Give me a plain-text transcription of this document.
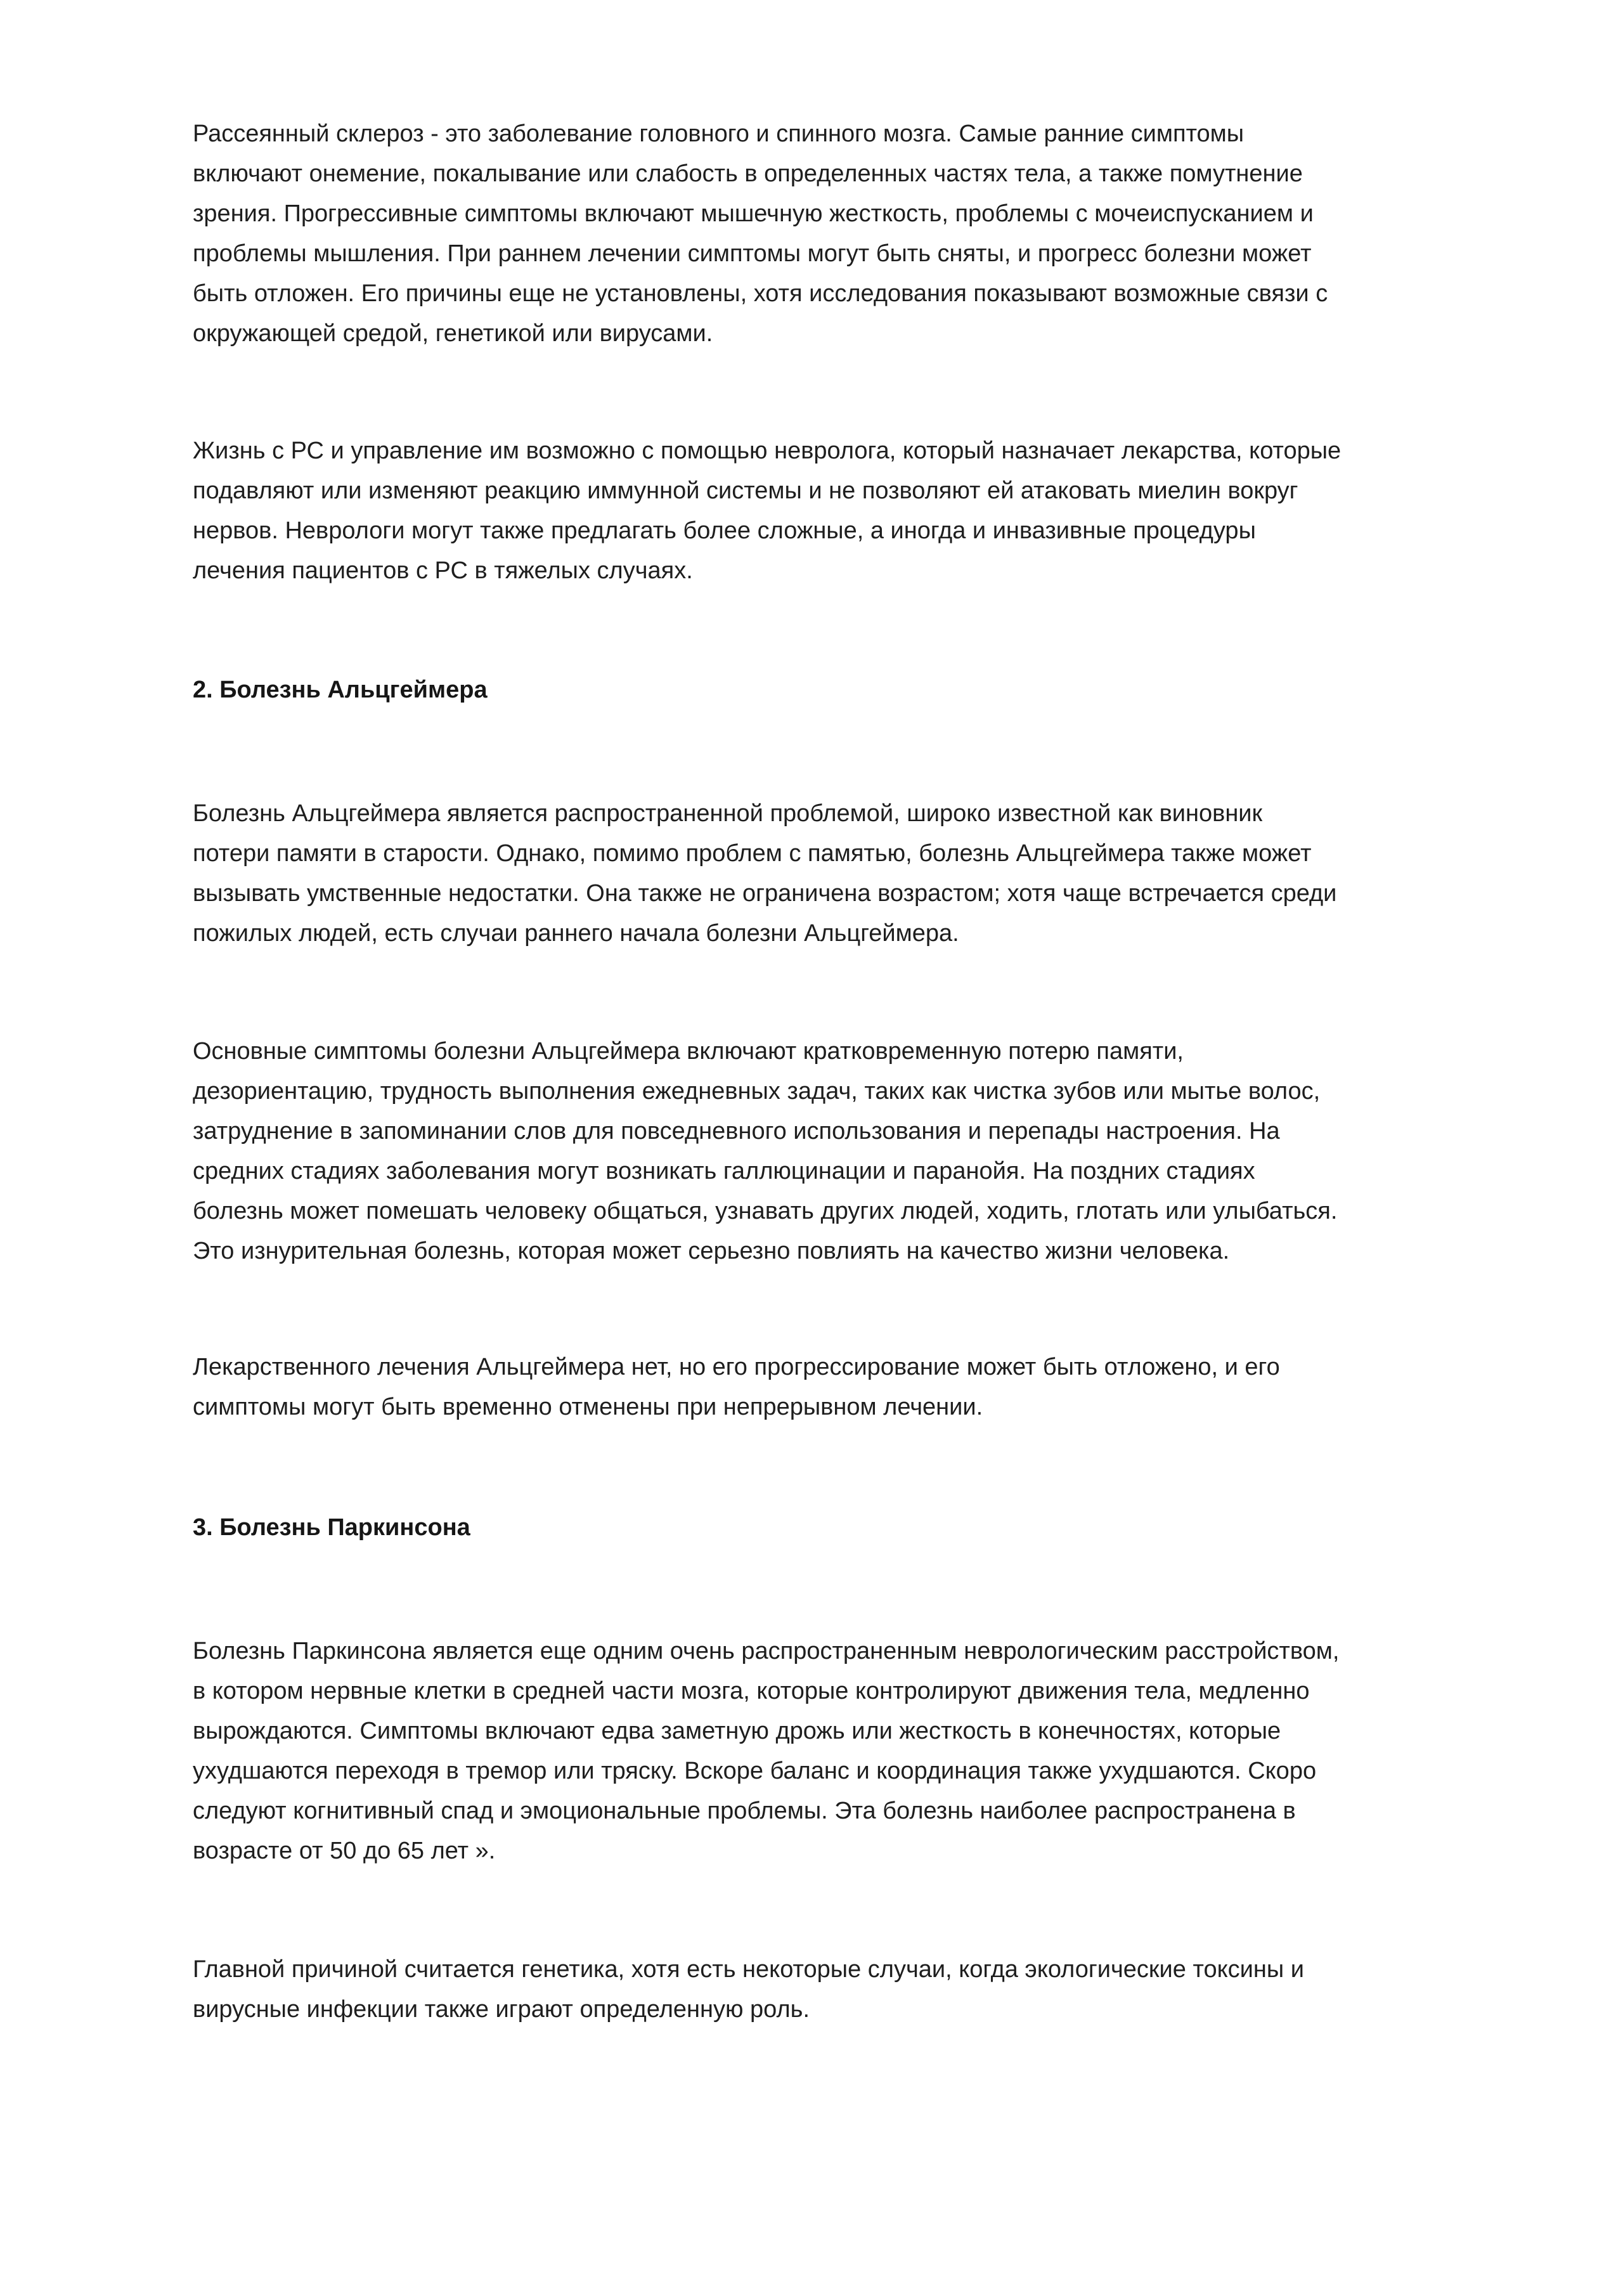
Рассеянный склероз - это заболевание головного и спинного мозга. Самые ранние симптомы
включают онемение, покалывание или слабость в определенных частях тела, а также помутнение
зрения. Прогрессивные симптомы включают мышечную жесткость, проблемы с мочеиспусканием и
проблемы мышления. При раннем лечении симптомы могут быть сняты, и прогресс болезни может
быть отложен. Его причины еще не установлены, хотя исследования показывают возможные связи с
окружающей средой, генетикой или вирусами.
Жизнь с РС и управление им возможно с помощью невролога, который назначает лекарства, которые
подавляют или изменяют реакцию иммунной системы и не позволяют ей атаковать миелин вокруг
нервов. Неврологи могут также предлагать более сложные, а иногда и инвазивные процедуры
лечения пациентов с РС в тяжелых случаях.
2. Болезнь Альцгеймера
Болезнь Альцгеймера является распространенной проблемой, широко известной как виновник
потери памяти в старости. Однако, помимо проблем с памятью, болезнь Альцгеймера также может
вызывать умственные недостатки. Она также не ограничена возрастом; хотя чаще встречается среди
пожилых людей, есть случаи раннего начала болезни Альцгеймера.
Основные симптомы болезни Альцгеймера включают кратковременную потерю памяти,
дезориентацию, трудность выполнения ежедневных задач, таких как чистка зубов или мытье волос,
затруднение в запоминании слов для повседневного использования и перепады настроения. На
средних стадиях заболевания могут возникать галлюцинации и паранойя. На поздних стадиях
болезнь может помешать человеку общаться, узнавать других людей, ходить, глотать или улыбаться.
Это изнурительная болезнь, которая может серьезно повлиять на качество жизни человека.
Лекарственного лечения Альцгеймера нет, но его прогрессирование может быть отложено, и его
симптомы могут быть временно отменены при непрерывном лечении.
3. Болезнь Паркинсона
Болезнь Паркинсона является еще одним очень распространенным неврологическим расстройством,
в котором нервные клетки в средней части мозга, которые контролируют движения тела, медленно
вырождаются. Симптомы включают едва заметную дрожь или жесткость в конечностях, которые
ухудшаются переходя в тремор или тряску. Вскоре баланс и координация также ухудшаются. Скоро
следуют когнитивный спад и эмоциональные проблемы. Эта болезнь наиболее распространена в
возрасте от 50 до 65 лет ».
Главной причиной считается генетика, хотя есть некоторые случаи, когда экологические токсины и
вирусные инфекции также играют определенную роль.
